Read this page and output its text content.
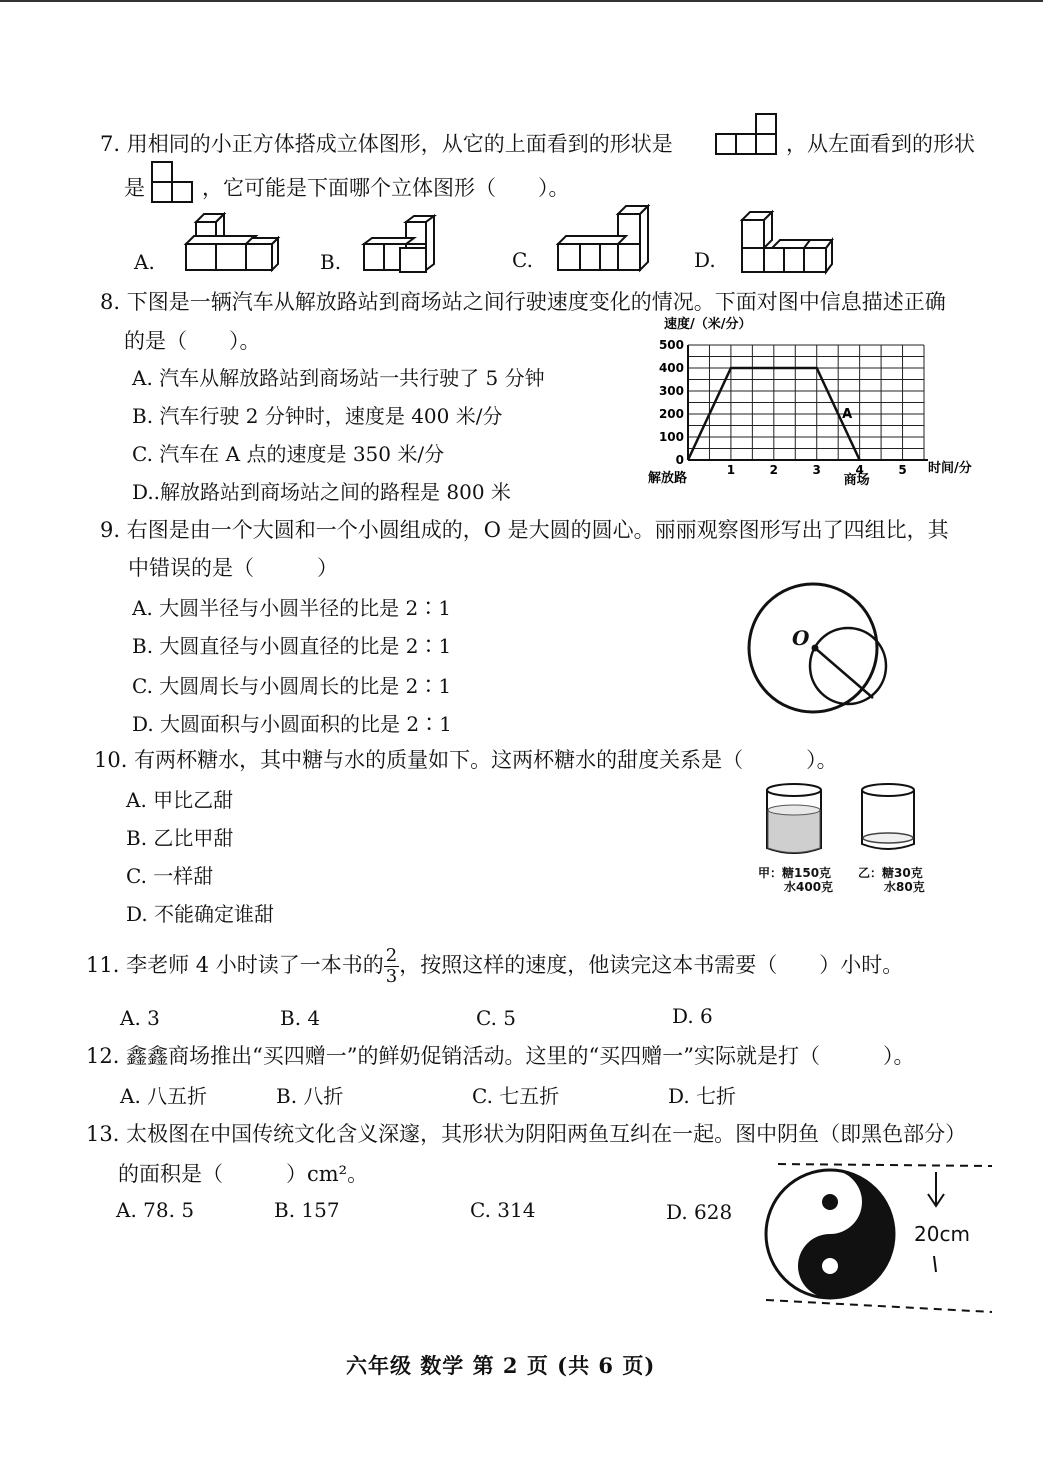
7. 用相同的小正方体搭成立体图形，从它的上面看到的形状是	，从左面看到的形状
是	，它可能是下面哪个立体图形（　　）。
A.	B.	C.	D.
8. 下图是一辆汽车从解放路站到商场站之间行驶速度变化的情况。下面对图中信息描述正确
的是（　　）。
A. 汽车从解放路站到商场站一共行驶了 5 分钟
B. 汽车行驶 2 分钟时，速度是 400 米/分
C. 汽车在 A 点的速度是 350 米/分
D..解放路站到商场站之间的路程是 800 米
0
100
200
300
400
500
1	2	3	4	5
速度/（米/分）
时间/分
解放路	商场
A
9. 右图是由一个大圆和一个小圆组成的，O 是大圆的圆心。丽丽观察图形写出了四组比，其
中错误的是（　　　）
A. 大圆半径与小圆半径的比是 2∶1
B. 大圆直径与小圆直径的比是 2∶1
C. 大圆周长与小圆周长的比是 2∶1
D. 大圆面积与小圆面积的比是 2∶1
O
10. 有两杯糖水，其中糖与水的质量如下。这两杯糖水的甜度关系是（　　　）。
A. 甲比乙甜
B. 乙比甲甜
C. 一样甜
D. 不能确定谁甜
甲：糖150克
水400克
乙：糖30克
水80克
11. 李老师 4 小时读了一本书的 $\frac{2}{3}$ ，按照这样的速度，他读完这本书需要（　　）小时。
A. 3	B. 4	C. 5	D. 6
12. 鑫鑫商场推出“买四赠一”的鲜奶促销活动。这里的“买四赠一”实际就是打（　　　）。
A. 八五折	B. 八折	C. 七五折	D. 七折
13. 太极图在中国传统文化含义深邃，其形状为阴阳两鱼互纠在一起。图中阴鱼（即黑色部分）
的面积是（　　　）cm²。
A. 78. 5	B. 157	C. 314	D. 628
20cm
六年级 数学 第 2 页 (共 6 页)
